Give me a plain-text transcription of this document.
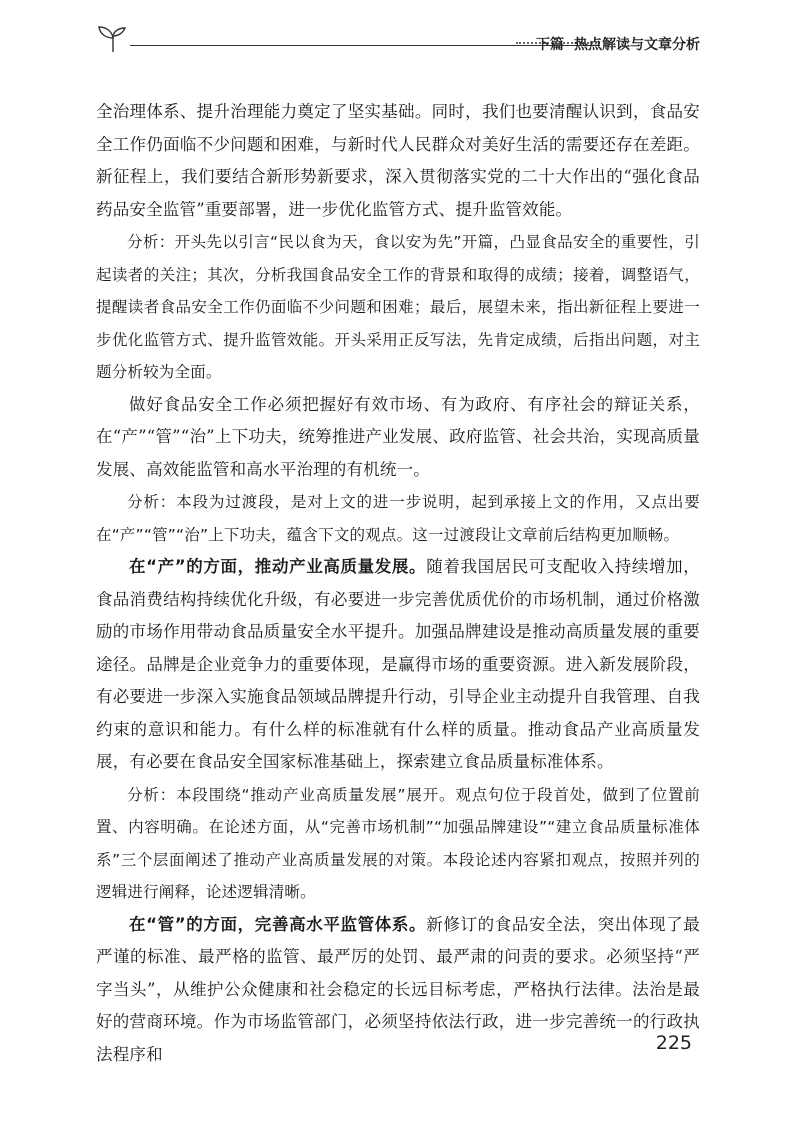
下篇 热点解读与文章分析

全治理体系、提升治理能力奠定了坚实基础。同时，我们也要清醒认识到，食品安全工作仍面临不少问题和困难，与新时代人民群众对美好生活的需要还存在差距。新征程上，我们要结合新形势新要求，深入贯彻落实党的二十大作出的“强化食品药品安全监管”重要部署，进一步优化监管方式、提升监管效能。

分析：开头先以引言“民以食为天，食以安为先”开篇，凸显食品安全的重要性，引起读者的关注；其次，分析我国食品安全工作的背景和取得的成绩；接着，调整语气，提醒读者食品安全工作仍面临不少问题和困难；最后，展望未来，指出新征程上要进一步优化监管方式、提升监管效能。开头采用正反写法，先肯定成绩，后指出问题，对主题分析较为全面。

做好食品安全工作必须把握好有效市场、有为政府、有序社会的辩证关系，在“产”“管”“治”上下功夫，统筹推进产业发展、政府监管、社会共治，实现高质量发展、高效能监管和高水平治理的有机统一。

分析：本段为过渡段，是对上文的进一步说明，起到承接上文的作用，又点出要在“产”“管”“治”上下功夫，蕴含下文的观点。这一过渡段让文章前后结构更加顺畅。

在“产”的方面，推动产业高质量发展。随着我国居民可支配收入持续增加，食品消费结构持续优化升级，有必要进一步完善优质优价的市场机制，通过价格激励的市场作用带动食品质量安全水平提升。加强品牌建设是推动高质量发展的重要途径。品牌是企业竞争力的重要体现，是赢得市场的重要资源。进入新发展阶段，有必要进一步深入实施食品领域品牌提升行动，引导企业主动提升自我管理、自我约束的意识和能力。有什么样的标准就有什么样的质量。推动食品产业高质量发展，有必要在食品安全国家标准基础上，探索建立食品质量标准体系。

分析：本段围绕“推动产业高质量发展”展开。观点句位于段首处，做到了位置前置、内容明确。在论述方面，从“完善市场机制”“加强品牌建设”“建立食品质量标准体系”三个层面阐述了推动产业高质量发展的对策。本段论述内容紧扣观点，按照并列的逻辑进行阐释，论述逻辑清晰。

在“管”的方面，完善高水平监管体系。新修订的食品安全法，突出体现了最严谨的标准、最严格的监管、最严厉的处罚、最严肃的问责的要求。必须坚持“严字当头”，从维护公众健康和社会稳定的长远目标考虑，严格执行法律。法治是最好的营商环境。作为市场监管部门，必须坚持依法行政，进一步完善统一的行政执法程序和	225
